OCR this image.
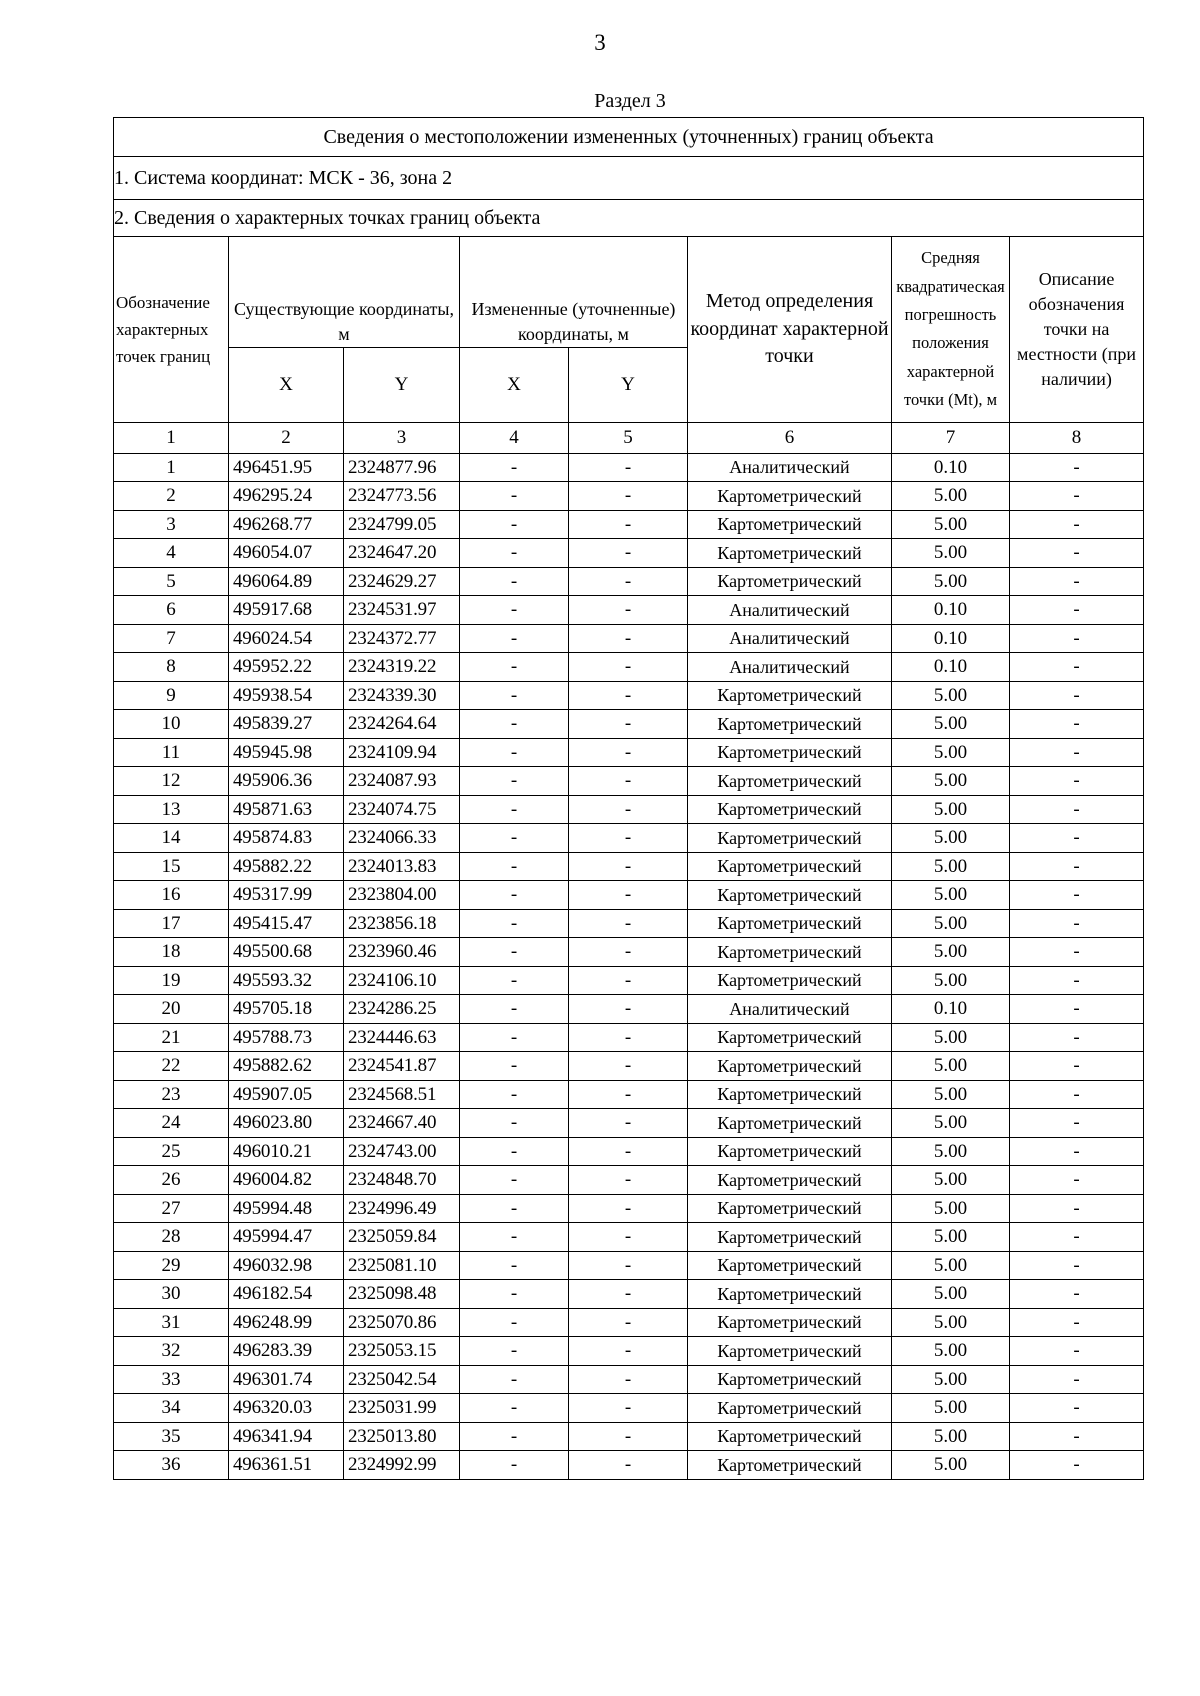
3
Раздел 3
Сведения о местоположении измененных (уточненных) границ объекта							
1. Система координат: МСК - 36, зона 2							
2. Сведения о характерных точках границ объекта							
Обозначение характерных точек границ	Существующие координаты, м		Измененные (уточненные) координаты, м		Метод определения координат характерной точки	Средняя квадратическая погрешность положения характерной точки (Mt), м	Описание обозначения точки на местности (при наличии)
	X	Y	X	Y			
1	2	3	4	5	6	7	8
1	496451.95	2324877.96	-	-	Аналитический	0.10	-
2	496295.24	2324773.56	-	-	Картометрический	5.00	-
3	496268.77	2324799.05	-	-	Картометрический	5.00	-
4	496054.07	2324647.20	-	-	Картометрический	5.00	-
5	496064.89	2324629.27	-	-	Картометрический	5.00	-
6	495917.68	2324531.97	-	-	Аналитический	0.10	-
7	496024.54	2324372.77	-	-	Аналитический	0.10	-
8	495952.22	2324319.22	-	-	Аналитический	0.10	-
9	495938.54	2324339.30	-	-	Картометрический	5.00	-
10	495839.27	2324264.64	-	-	Картометрический	5.00	-
11	495945.98	2324109.94	-	-	Картометрический	5.00	-
12	495906.36	2324087.93	-	-	Картометрический	5.00	-
13	495871.63	2324074.75	-	-	Картометрический	5.00	-
14	495874.83	2324066.33	-	-	Картометрический	5.00	-
15	495882.22	2324013.83	-	-	Картометрический	5.00	-
16	495317.99	2323804.00	-	-	Картометрический	5.00	-
17	495415.47	2323856.18	-	-	Картометрический	5.00	-
18	495500.68	2323960.46	-	-	Картометрический	5.00	-
19	495593.32	2324106.10	-	-	Картометрический	5.00	-
20	495705.18	2324286.25	-	-	Аналитический	0.10	-
21	495788.73	2324446.63	-	-	Картометрический	5.00	-
22	495882.62	2324541.87	-	-	Картометрический	5.00	-
23	495907.05	2324568.51	-	-	Картометрический	5.00	-
24	496023.80	2324667.40	-	-	Картометрический	5.00	-
25	496010.21	2324743.00	-	-	Картометрический	5.00	-
26	496004.82	2324848.70	-	-	Картометрический	5.00	-
27	495994.48	2324996.49	-	-	Картометрический	5.00	-
28	495994.47	2325059.84	-	-	Картометрический	5.00	-
29	496032.98	2325081.10	-	-	Картометрический	5.00	-
30	496182.54	2325098.48	-	-	Картометрический	5.00	-
31	496248.99	2325070.86	-	-	Картометрический	5.00	-
32	496283.39	2325053.15	-	-	Картометрический	5.00	-
33	496301.74	2325042.54	-	-	Картометрический	5.00	-
34	496320.03	2325031.99	-	-	Картометрический	5.00	-
35	496341.94	2325013.80	-	-	Картометрический	5.00	-
36	496361.51	2324992.99	-	-	Картометрический	5.00	-
